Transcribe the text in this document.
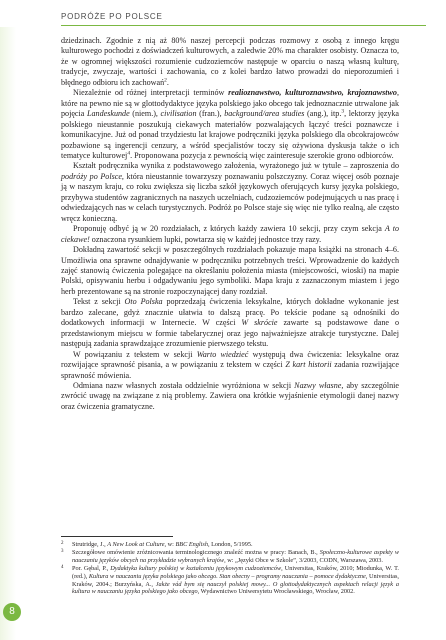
PODRÓŻE PO POLSCE

dziedzinach. Zgodnie z nią aż 80% naszej percepcji podczas rozmowy z osobą z innego kręgu kulturowego pochodzi z doświadczeń kulturowych, a zaledwie 20% ma charakter osobisty. Oznacza to, że w ogromnej większości rozumienie cudzoziemców następuje w oparciu o naszą własną kulturę, tradycje, zwyczaje, wartości i zachowania, co z kolei bardzo łatwo prowadzi do nieporozumień i błędnego odbioru ich zachowań$^2$.

Niezależnie od różnej interpretacji terminów realioznawstwo, kulturoznawstwo, krajoznawstwo, które na pewno nie są w glottodydaktyce języka polskiego jako obcego tak jednoznacznie utrwalone jak pojęcia Landeskunde (niem.), civilisation (fran.), background/area studies (ang.), itp.$^3$, lektorzy języka polskiego nieustannie poszukują ciekawych materiałów pozwalających łączyć treści poznawcze i komunikacyjne. Już od ponad trzydziestu lat krajowe podręczniki języka polskiego dla obcokrajowców pozbawione są ingerencji cenzury, a wśród specjalistów toczy się ożywiona dyskusja także o ich tematyce kulturowej$^4$. Proponowana pozycja z pewnością więc zainteresuje szerokie grono odbiorców.

Kształt podręcznika wynika z podstawowego założenia, wyrażonego już w tytule – zaproszenia do podróży po Polsce, która nieustannie towarzyszy poznawaniu polszczyzny. Coraz więcej osób poznaje ją w naszym kraju, co roku zwiększa się liczba szkół językowych oferujących kursy języka polskiego, przybywa studentów zagranicznych na naszych uczelniach, cudzoziemców podejmujących u nas pracę i odwiedzających nas w celach turystycznych. Podróż po Polsce staje się więc nie tylko realną, ale często wręcz konieczną.

Proponuję odbyć ją w 20 rozdziałach, z których każdy zawiera 10 sekcji, przy czym sekcja A to ciekawe! oznaczona rysunkiem lupki, powtarza się w każdej jednostce trzy razy.

Dokładną zawartość sekcji w poszczególnych rozdziałach pokazuje mapa książki na stronach 4–6. Umożliwia ona sprawne odnajdywanie w podręczniku potrzebnych treści. Wprowadzenie do każdych zajęć stanowią ćwiczenia polegające na określaniu położenia miasta (miejscowości, wioski) na mapie Polski, opisywaniu herbu i odgadywaniu jego symboliki. Mapa kraju z zaznaczonym miastem i jego herb prezentowane są na stronie rozpoczynającej dany rozdział.

Tekst z sekcji Oto Polska poprzedzają ćwiczenia leksykalne, których dokładne wykonanie jest bardzo zalecane, gdyż znacznie ułatwia to dalszą pracę. Po tekście podane są odnośniki do dodatkowych informacji w Internecie. W części W skrócie zawarte są podstawowe dane o przedstawionym miejscu w formie tabelarycznej oraz jego najważniejsze atrakcje turystyczne. Dalej następują zadania sprawdzające zrozumienie pierwszego tekstu.

W powiązaniu z tekstem w sekcji Warto wiedzieć występują dwa ćwiczenia: leksykalne oraz rozwijające sprawność pisania, a w powiązaniu z tekstem w części Z kart historii zadania rozwijające sprawność mówienia.

Odmiana nazw własnych została oddzielnie wyróżniona w sekcji Nazwy własne, aby szczególnie zwrócić uwagę na związane z nią problemy. Zawiera ona krótkie wyjaśnienie etymologii danej nazwy oraz ćwiczenia gramatyczne.

2 Strutridge, J., A New Look at Culture, w: BBC English, London, 5/1995.

3 Szczegółowe omówienie zróżnicowania terminologicznego znaleźć można w pracy: Banach, B., Społeczno-kulturowe aspekty w nauczaniu języków obcych na przykładzie wybranych krajów, w: „Języki Obce w Szkole”, 3/2003, CODN, Warszawa, 2003.

4 Por. Gębal, P., Dydaktyka kultury polskiej w kształceniu językowym cudzoziemców, Universitas, Kraków, 2010; Miodunka, W. T. (red.), Kultura w nauczaniu języka polskiego jako obcego. Stan obecny – programy nauczania – pomoce dydaktyczne, Universitas, Kraków, 2004.; Burzyńska, A., Jakże vád bym się nauczył polskiej mowy... O glottodydaktycznych aspektach relacji język a kultura w nauczaniu języka polskiego jako obcego, Wydawnictwo Uniwersytetu Wrocławskiego, Wrocław, 2002.

8
